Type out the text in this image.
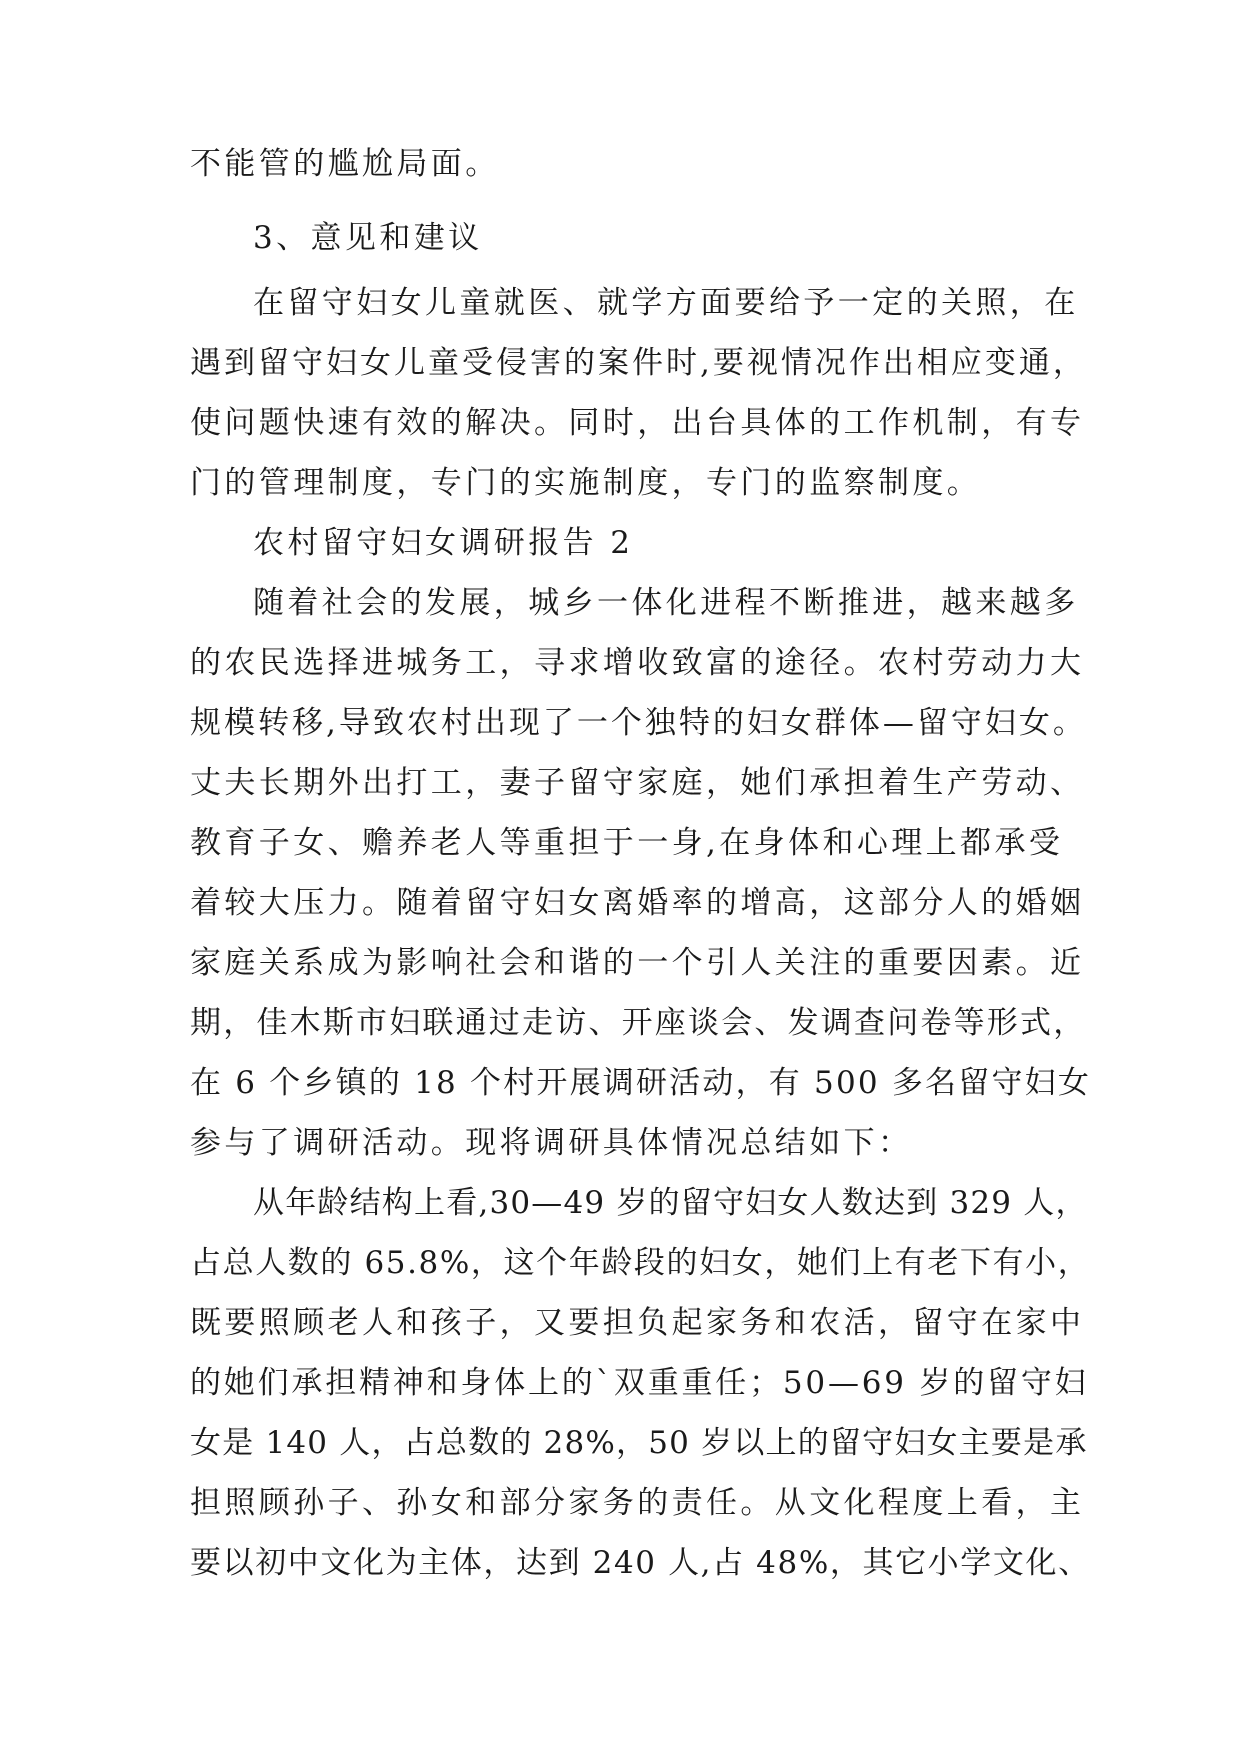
不能管的尴尬局面。
3、意见和建议
在留守妇女儿童就医、就学方面要给予一定的关照，在
遇到留守妇女儿童受侵害的案件时,要视情况作出相应变通，
使问题快速有效的解决。同时，出台具体的工作机制，有专
门的管理制度，专门的实施制度，专门的监察制度。
农村留守妇女调研报告 2
随着社会的发展，城乡一体化进程不断推进，越来越多
的农民选择进城务工，寻求增收致富的途径。农村劳动力大
规模转移,导致农村出现了一个独特的妇女群体—留守妇女。
丈夫长期外出打工，妻子留守家庭，她们承担着生产劳动、
教育子女、赡养老人等重担于一身,在身体和心理上都承受
着较大压力。随着留守妇女离婚率的增高，这部分人的婚姻
家庭关系成为影响社会和谐的一个引人关注的重要因素。近
期，佳木斯市妇联通过走访、开座谈会、发调查问卷等形式，
在 6 个乡镇的 18 个村开展调研活动，有 500 多名留守妇女
参与了调研活动。现将调研具体情况总结如下：
从年龄结构上看,30—49 岁的留守妇女人数达到 329 人，
占总人数的 65.8%，这个年龄段的妇女，她们上有老下有小，
既要照顾老人和孩子，又要担负起家务和农活，留守在家中
的她们承担精神和身体上的`双重重任；50—69 岁的留守妇
女是 140 人，占总数的 28%，50 岁以上的留守妇女主要是承
担照顾孙子、孙女和部分家务的责任。从文化程度上看，主
要以初中文化为主体，达到 240 人,占 48%，其它小学文化、
